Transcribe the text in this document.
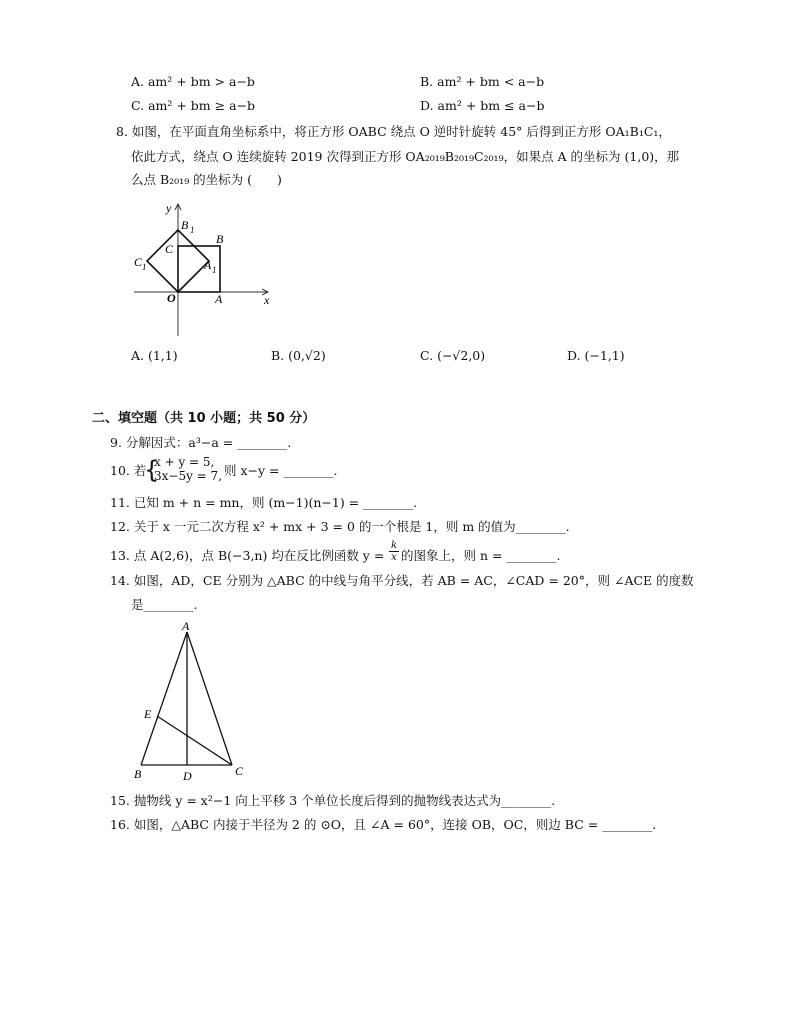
A. am² + bm > a−b	B. am² + bm < a−b
C. am² + bm ≥ a−b	D. am² + bm ≤ a−b
8. 如图，在平面直角坐标系中，将正方形 OABC 绕点 O 逆时针旋转 45° 后得到正方形 OA₁B₁C₁，
依此方式，绕点 O 连续旋转 2019 次得到正方形 OA₂₀₁₉B₂₀₁₉C₂₀₁₉，如果点 A 的坐标为 (1,0)，那
么点 B₂₀₁₉ 的坐标为 (　　)
y
x
B 1
B
C
C 1	A 1
O	A
A. (1,1)	B. (0,√2)	C. (−√2,0)	D. (−1,1)
二、填空题（共 10 小题；共 50 分）
9. 分解因式：a³−a = ________.
10. 若
{
x + y = 5,
3x−5y = 7, 则 x−y = ________.
11. 已知 m + n = mn，则 (m−1)(n−1) = ________.
12. 关于 x 一元二次方程 x² + mx + 3 = 0 的一个根是 1，则 m 的值为________.
13. 点 A(2,6)，点 B(−3,n) 均在反比例函数 $y = \frac{k}{x}$ 的图象上，则 n = ________.
14. 如图，AD，CE 分别为 △ABC 的中线与角平分线，若 AB = AC，∠CAD = 20°，则 ∠ACE 的度数
是________.
A
E
B	D	C
15. 抛物线 y = x²−1 向上平移 3 个单位长度后得到的抛物线表达式为________.
16. 如图，△ABC 内接于半径为 2 的 ⊙O，且 ∠A = 60°，连接 OB，OC，则边 BC = ________.
